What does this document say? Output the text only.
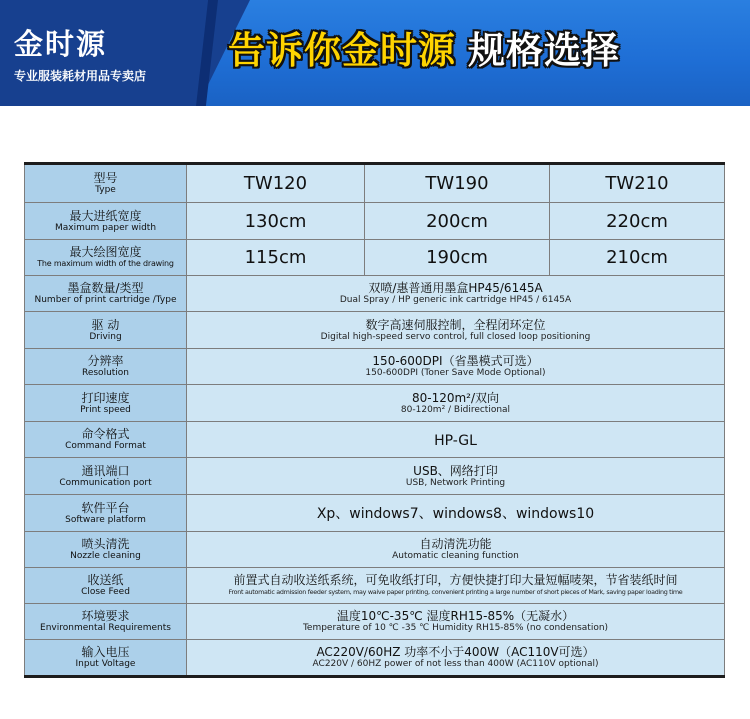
金时源
专业服装耗材用品专卖店
告诉你金时源 规格选择
型号
Type	TW120	TW190	TW210

最大进纸宽度
Maximum paper width	130cm	200cm	220cm

最大绘图宽度
The maximum width of the drawing	115cm	190cm	210cm

墨盒数量/类型
Number of print cartridge /Type	双喷/惠普通用墨盒HP45/6145A
Dual Spray / HP generic ink cartridge HP45 / 6145A		

驱 动
Driving	数字高速伺服控制，全程闭环定位
Digital high-speed servo control, full closed loop positioning		

分辨率
Resolution	150-600DPI（省墨模式可选）
150-600DPI (Toner Save Mode Optional)		

打印速度
Print speed	80-120m²/双向
80-120m² / Bidirectional		

命令格式
Command Format	HP-GL		

通讯端口
Communication port	USB、网络打印
USB, Network Printing		

软件平台
Software platform	Xp、windows7、windows8、windows10		

喷头清洗
Nozzle cleaning	自动清洗功能
Automatic cleaning function		

收送纸
Close Feed	前置式自动收送纸系统，可免收纸打印，方便快捷打印大量短幅唛架，节省装纸时间
Front automatic admission feeder system, may waive paper printing, convenient printing a large number of short pieces of Mark, saving paper loading time		

环境要求
Environmental Requirements	温度10℃-35℃ 湿度RH15-85%（无凝水）
Temperature of 10 ℃ -35 ℃ Humidity RH15-85% (no condensation)		

输入电压
Input Voltage	AC220V/60HZ 功率不小于400W（AC110V可选）
AC220V / 60HZ power of not less than 400W (AC110V optional)		
